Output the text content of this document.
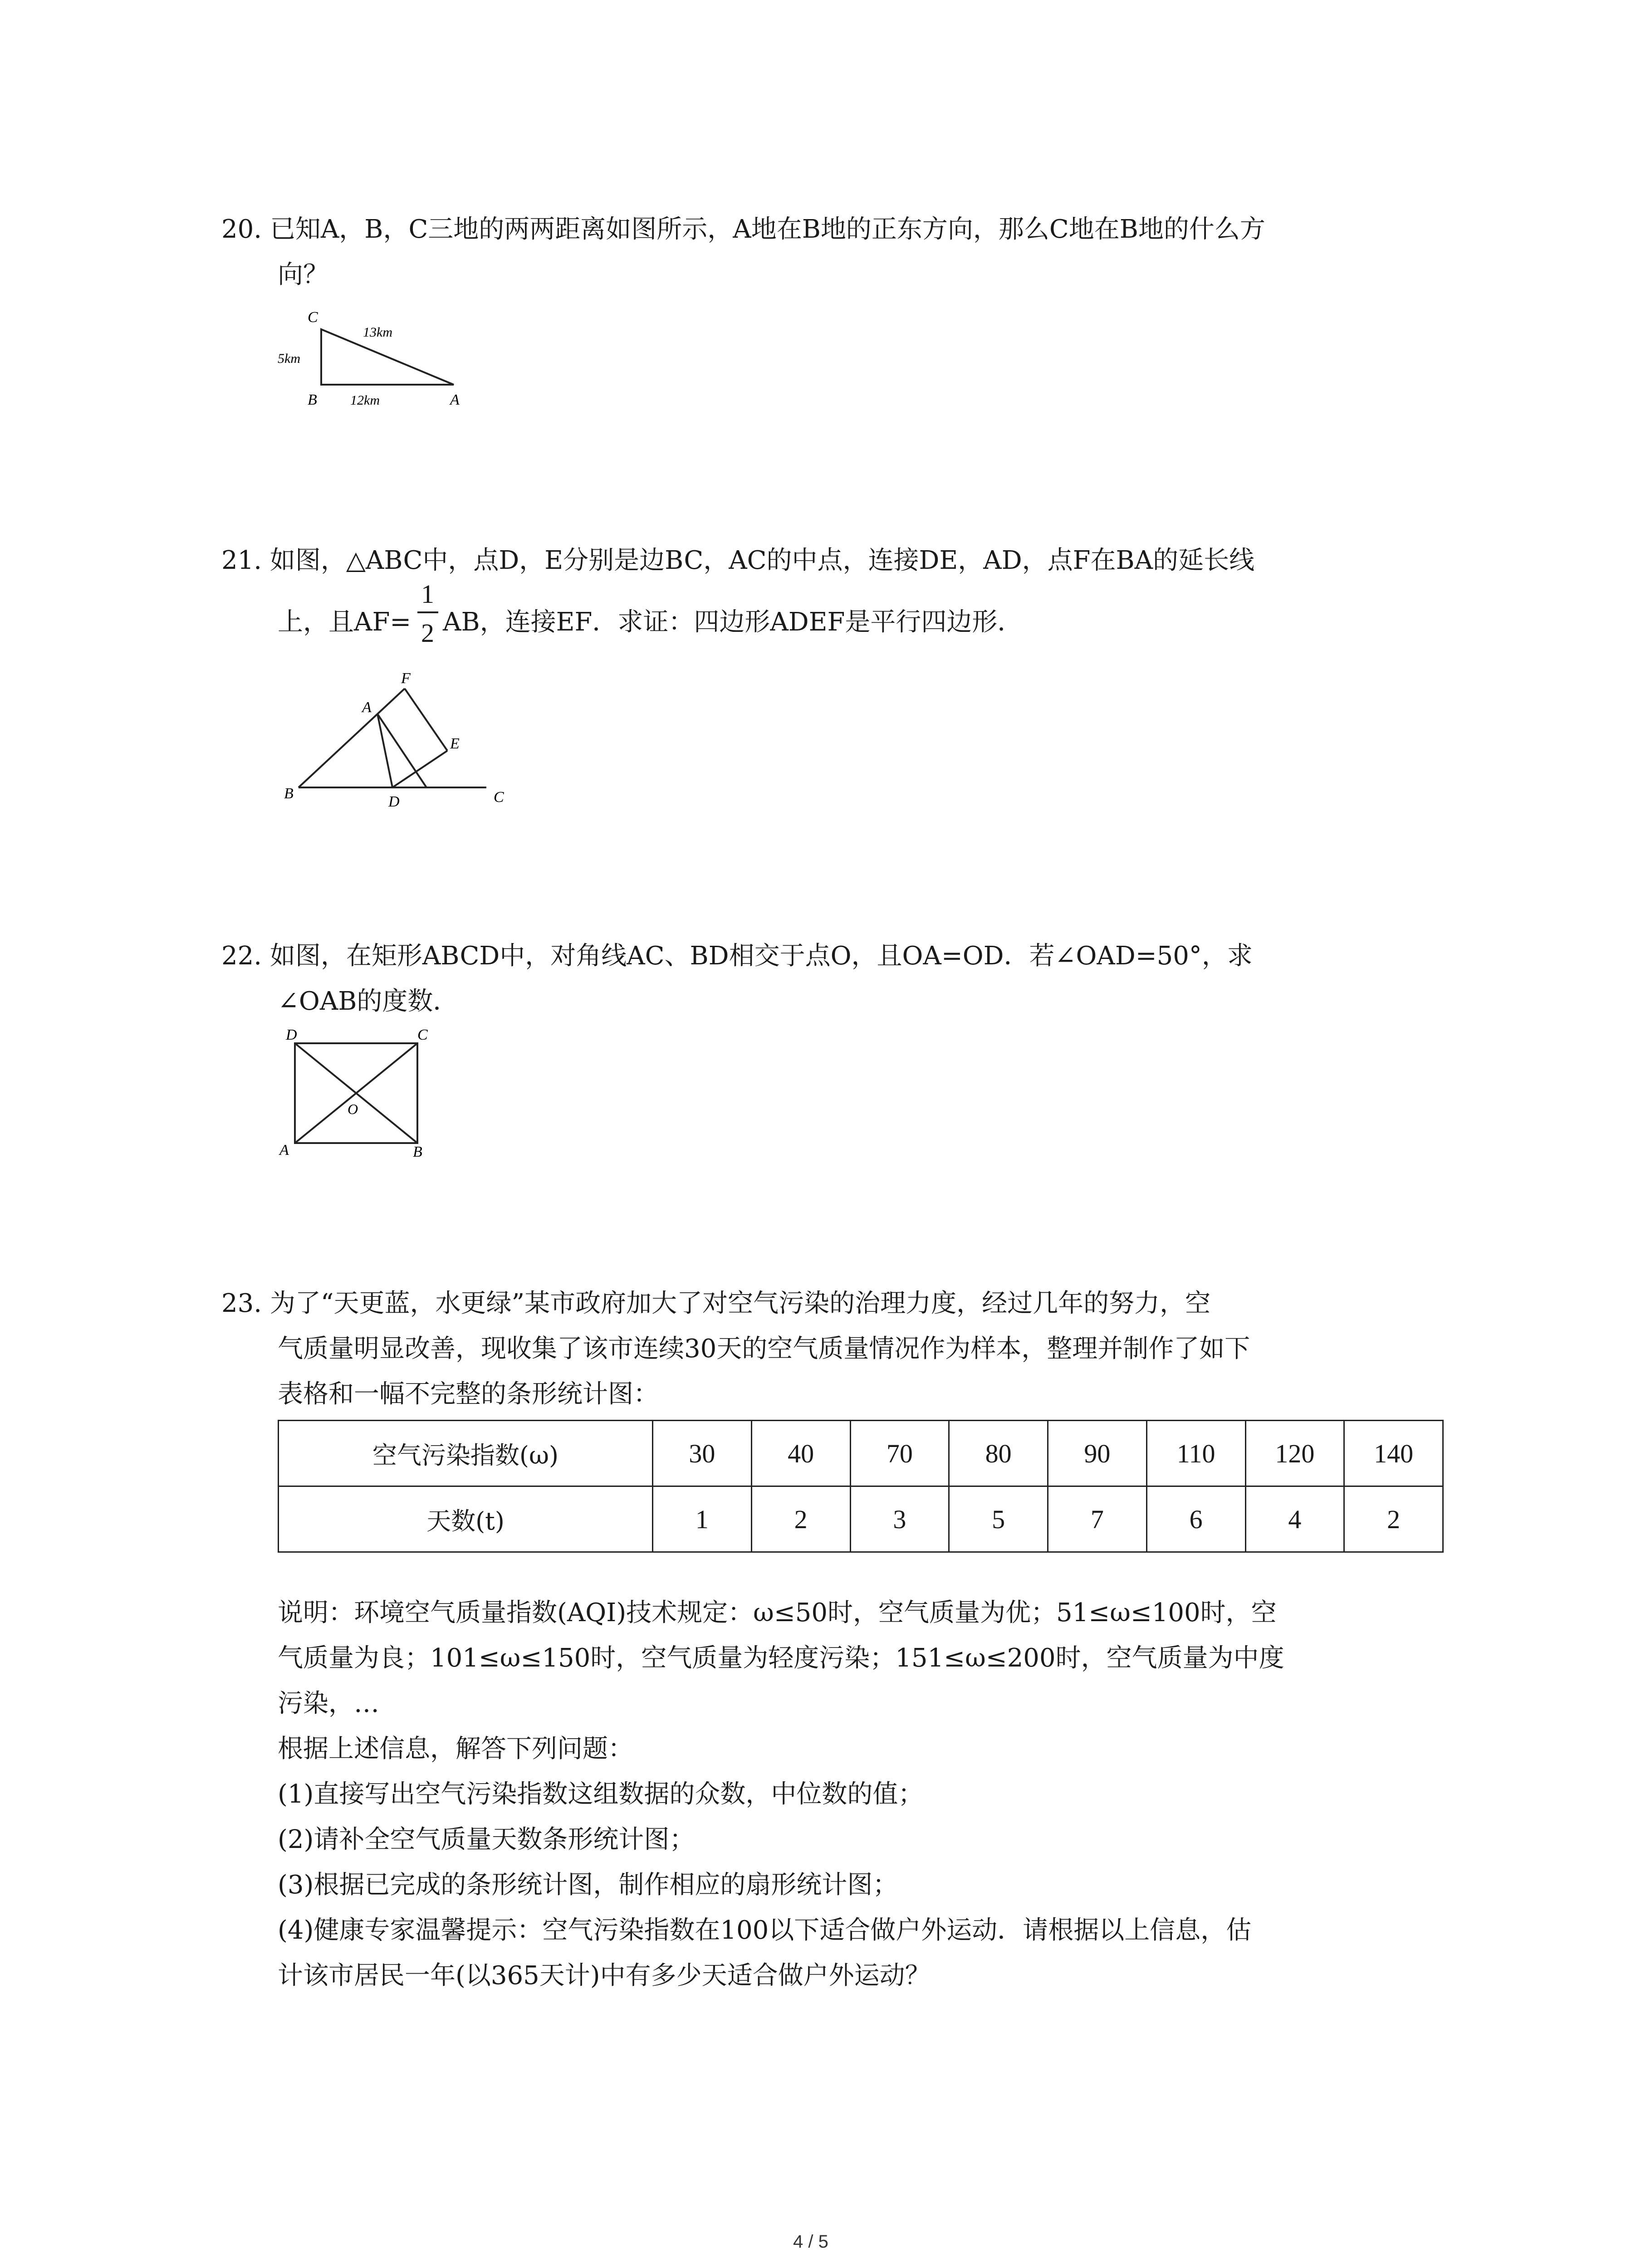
20. 已知A，B，C三地的两两距离如图所示，A地在B地的正东方向，那么C地在B地的什么方
向？
C
B	A
5km
13km
12km
21. 如图，△ABC中，点D，E分别是边BC，AC的中点，连接DE，AD，点F在BA的延长线
上，且AF=
1
2 AB，连接EF．求证：四边形ADEF是平行四边形．
A
B	C
D
E
F
22. 如图，在矩形ABCD中，对角线AC、BD相交于点O，且OA=OD．若∠OAD=50°，求
∠OAB的度数．
D	C
A	B
O
23. 为了“天更蓝，水更绿”某市政府加大了对空气污染的治理力度，经过几年的努力，空
气质量明显改善，现收集了该市连续30天的空气质量情况作为样本，整理并制作了如下
表格和一幅不完整的条形统计图：
空气污染指数(ω)	30	40	70	80	90	110	120	140
天数(t)	1	2	3	5	7	6	4	2
说明：环境空气质量指数(AQI)技术规定：ω≤50时，空气质量为优；51≤ω≤100时，空
气质量为良；101≤ω≤150时，空气质量为轻度污染；151≤ω≤200时，空气质量为中度
污染，…
根据上述信息，解答下列问题：
(1)直接写出空气污染指数这组数据的众数，中位数的值；
(2)请补全空气质量天数条形统计图；
(3)根据已完成的条形统计图，制作相应的扇形统计图；
(4)健康专家温馨提示：空气污染指数在100以下适合做户外运动．请根据以上信息，估
计该市居民一年(以365天计)中有多少天适合做户外运动？
4 / 5
